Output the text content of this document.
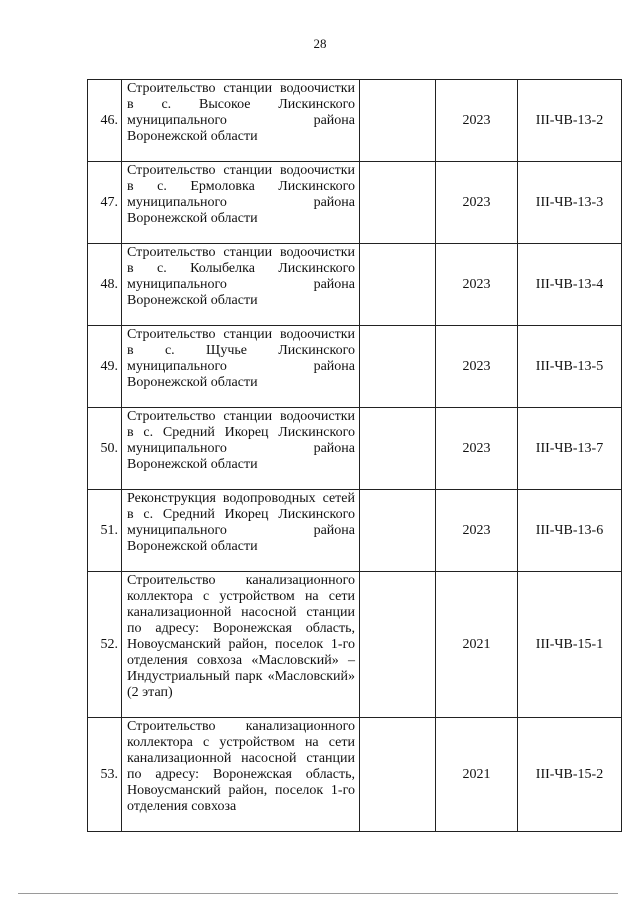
28
46.	Строительство станции водоочистки в с. Высокое Лискинского муниципального района Воронежской области		2023	III-ЧВ-13-2
47.	Строительство станции водоочистки в с. Ермоловка Лискинского муниципального района Воронежской области		2023	III-ЧВ-13-3
48.	Строительство станции водоочистки в с. Колыбелка Лискинского муниципального района Воронежской области		2023	III-ЧВ-13-4
49.	Строительство станции водоочистки в с. Щучье Лискинского муниципального района Воронежской области		2023	III-ЧВ-13-5
50.	Строительство станции водоочистки в с. Средний Икорец Лискинского муниципального района Воронежской области		2023	III-ЧВ-13-7
51.	Реконструкция водопроводных сетей в с. Средний Икорец Лискинского муниципального района Воронежской области		2023	III-ЧВ-13-6
52.	Строительство канализационного коллектора с устройством на сети канализационной насосной станции по адресу: Воронежская область, Новоусманский район, поселок 1-го отделения совхоза «Масловский» – Индустриальный парк «Масловский» (2 этап)		2021	III-ЧВ-15-1
53.	Строительство канализационного коллектора с устройством на сети канализационной насосной станции по адресу: Воронежская область, Новоусманский район, поселок 1-го отделения совхоза		2021	III-ЧВ-15-2
